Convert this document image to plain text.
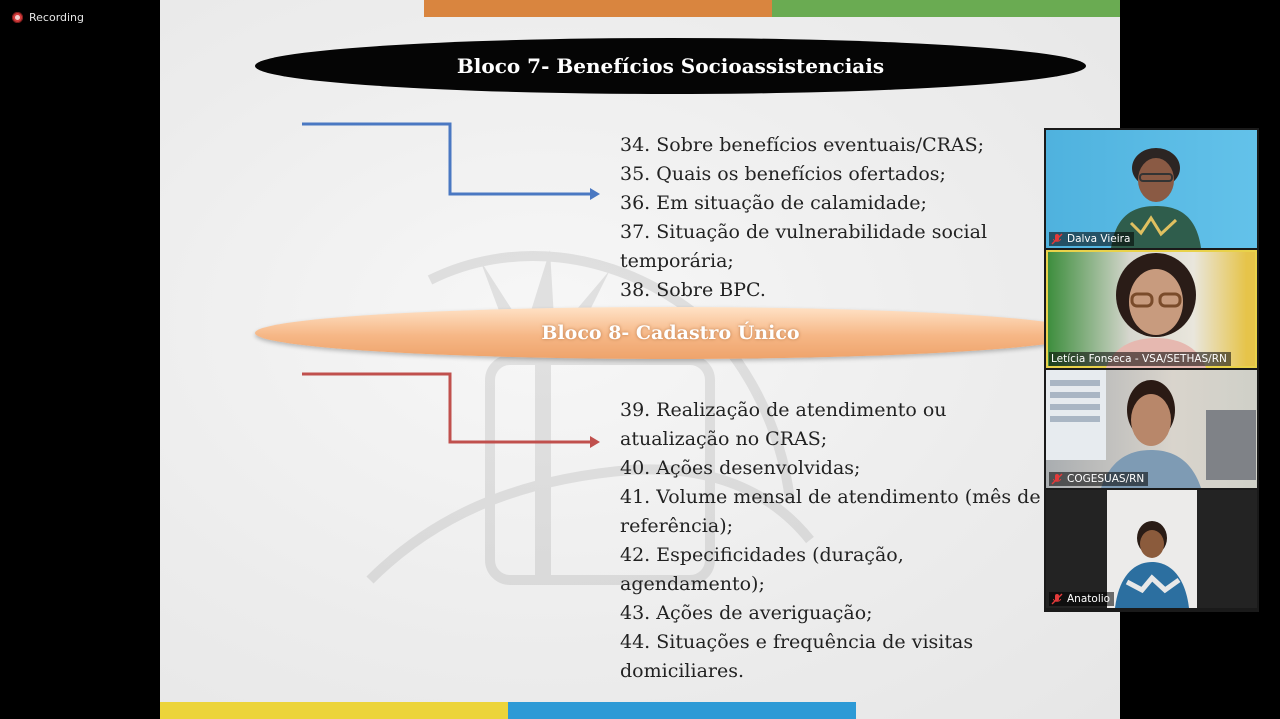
Recording
Bloco 7- Benefícios Socioassistenciais
34. Sobre benefícios eventuais/CRAS;
35. Quais os benefícios ofertados;
36. Em situação de calamidade;
37. Situação de vulnerabilidade social
temporária;
38. Sobre BPC.
Bloco 8- Cadastro Único
39. Realização de atendimento ou
atualização no CRAS;
40. Ações desenvolvidas;
41. Volume mensal de atendimento (mês de
referência);
42. Especificidades (duração,
agendamento);
43. Ações de averiguação;
44. Situações e frequência de visitas
domiciliares.
Dalva Vieira
Letícia Fonseca - VSA/SETHAS/RN
COGESUAS/RN
Anatolio
